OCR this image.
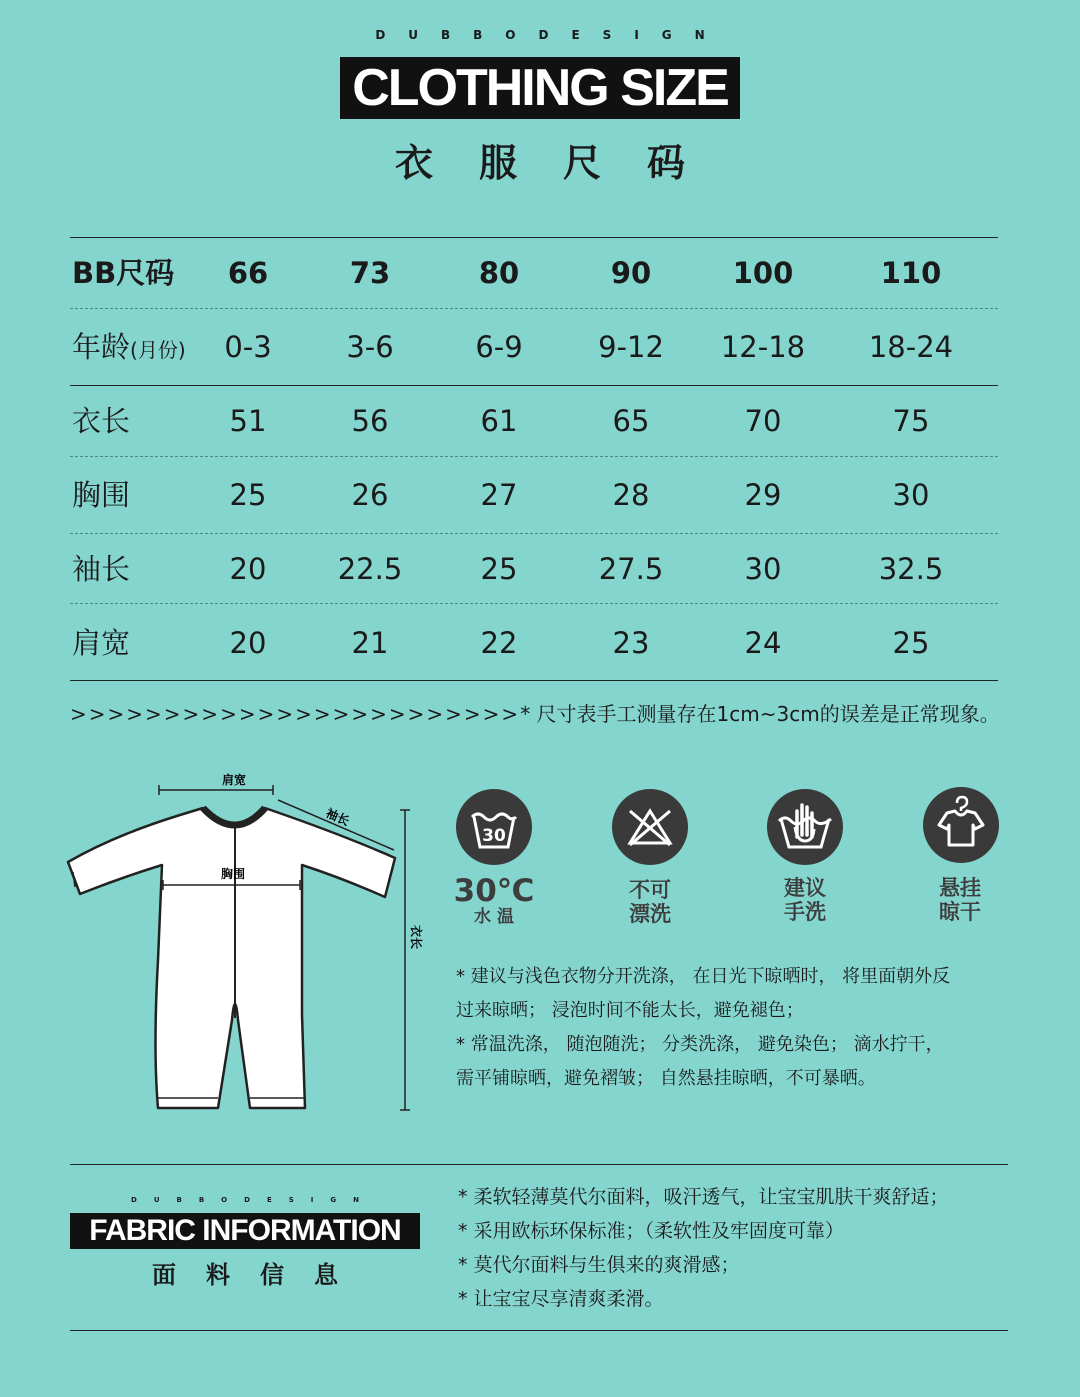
DUBBODESIGN
CLOTHING SIZE
衣服尺码
BB尺码 66	73	80	90	100	110
年龄(月份) 0-3	3-6	6-9	9-12 12-18 18-24
衣长	51	56	61	65	70	75
胸围	25	26	27	28	29	30
袖长	20 22.5	25	27.5	30	32.5
肩宽	20	21	22	23	24	25
>>>>>>>>>>>>>>>>>>>>>>>>* 尺寸表手工测量存在1cm~3cm的误差是正常现象。
肩宽
袖长
胸围
衣长
30
30℃
水 温
不可
漂洗
建议
手洗
悬挂
晾干
* 建议与浅色衣物分开洗涤， 在日光下晾晒时， 将里面朝外反
过来晾晒； 浸泡时间不能太长，避免褪色；
* 常温洗涤， 随泡随洗； 分类洗涤， 避免染色； 滴水拧干，
需平铺晾晒，避免褶皱； 自然悬挂晾晒，不可暴晒。
DUBBODESIGN
FABRIC INFORMATION
面料信息
* 柔软轻薄莫代尔面料，吸汗透气，让宝宝肌肤干爽舒适；
* 采用欧标环保标准；（柔软性及牢固度可靠）
* 莫代尔面料与生俱来的爽滑感；
* 让宝宝尽享清爽柔滑。
